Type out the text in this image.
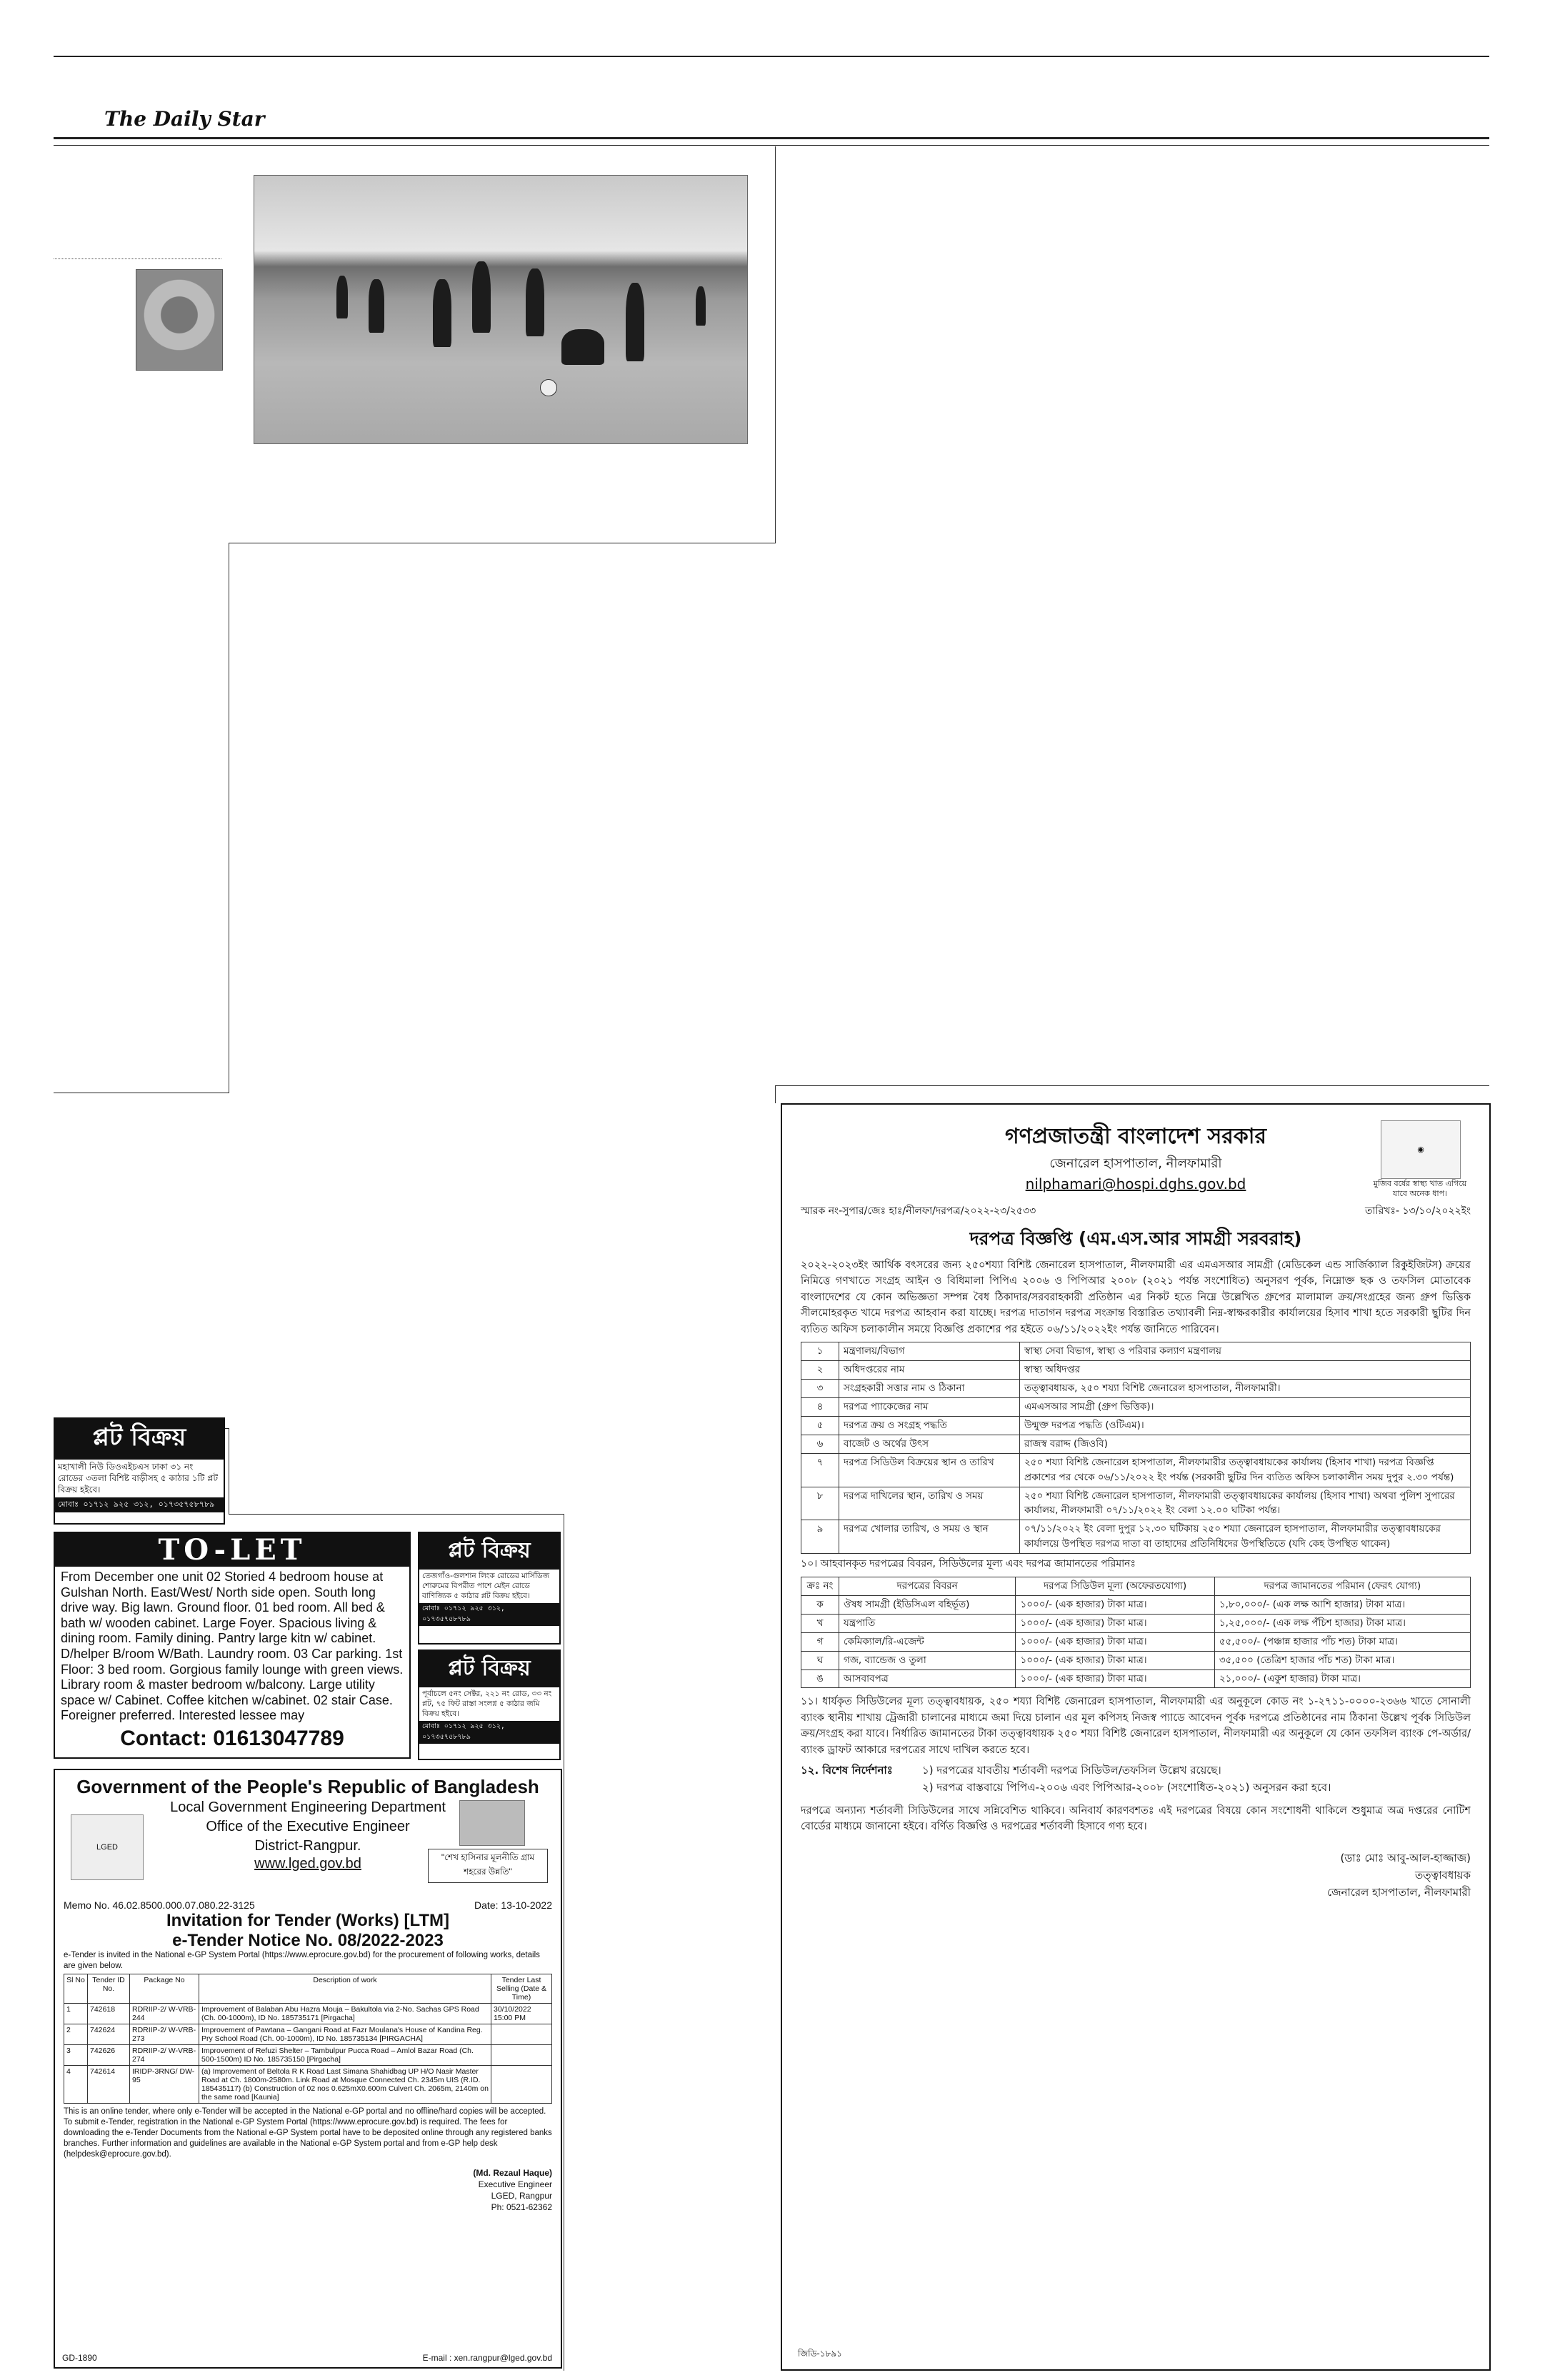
The Daily Star
◉
মুজিব বর্ষের স্বাস্থ্য খাত এগিয়ে যাবে অনেক ধাপ।
গণপ্রজাতন্ত্রী বাংলাদেশ সরকার
জেনারেল হাসপাতাল, নীলফামারী
nilphamari@hospi.dghs.gov.bd
স্মারক নং-সুপার/জেঃ হাঃ/নীলফা/দরপত্র/২০২২-২৩/২৫৩৩	তারিখঃ- ১৩/১০/২০২২ইং
দরপত্র বিজ্ঞপ্তি (এম.এস.আর সামগ্রী সরবরাহ)
২০২২-২০২৩ইং আর্থিক বৎসরের জন্য ২৫০শয্যা বিশিষ্ট জেনারেল হাসপাতাল, নীলফামারী এর এমএসআর সামগ্রী (মেডিকেল এন্ড সার্জিক্যাল রিকুইজিটস) ক্রয়ের নিমিত্তে গণখাতে সংগ্রহ আইন ও বিধিমালা পিপিএ ২০০৬ ও পিপিআর ২০০৮ (২০২১ পর্যন্ত সংশোধিত) অনুসরণ পূর্বক, নিম্নোক্ত ছক ও তফসিল মোতাবেক বাংলাদেশের যে কোন অভিজ্ঞতা সম্পন্ন বৈধ ঠিকাদার/সরবরাহকারী প্রতিষ্ঠান এর নিকট হতে নিম্নে উল্লেখিত গ্রুপের মালামাল ক্রয়/সংগ্রহের জন্য গ্রুপ ভিত্তিক সীলমোহরকৃত খামে দরপত্র আহবান করা যাচ্ছে। দরপত্র দাতাগন দরপত্র সংক্রান্ত বিস্তারিত তথ্যাবলী নিম্ন-স্বাক্ষরকারীর কার্যালয়ের হিসাব শাখা হতে সরকারী ছুটির দিন ব্যতিত অফিস চলাকালীন সময়ে বিজ্ঞপ্তি প্রকাশের পর হইতে ০৬/১১/২০২২ইং পর্যন্ত জানিতে পারিবেন।
১	মন্ত্রণালয়/বিভাগ	স্বাস্থ্য সেবা বিভাগ, স্বাস্থ্য ও পরিবার কল্যাণ মন্ত্রণালয়
২	অধিদপ্তরের নাম	স্বাস্থ্য অধিদপ্তর
৩	সংগ্রহকারী সত্তার নাম ও ঠিকানা	তত্ত্বাবধায়ক, ২৫০ শয্যা বিশিষ্ট জেনারেল হাসপাতাল, নীলফামারী।
৪	দরপত্র প্যাকেজের নাম	এমএসআর সামগ্রী (গ্রুপ ভিত্তিক)।
৫	দরপত্র ক্রয় ও সংগ্রহ পদ্ধতি	উন্মুক্ত দরপত্র পদ্ধতি (ওটিএম)।
৬	বাজেট ও অর্থের উৎস	রাজস্ব বরাদ্দ (জিওবি)
৭	দরপত্র সিডিউল বিক্রয়ের স্থান ও তারিখ	২৫০ শয্যা বিশিষ্ট জেনারেল হাসপাতাল, নীলফামারীর তত্ত্বাবধায়কের কার্যালয় (হিসাব শাখা) দরপত্র বিজ্ঞপ্তি প্রকাশের পর থেকে ০৬/১১/২০২২ ইং পর্যন্ত (সরকারী ছুটির দিন ব্যতিত অফিস চলাকালীন সময় দুপুর ২.৩০ পর্যন্ত)
৮	দরপত্র দাখিলের স্থান, তারিখ ও সময়	২৫০ শয্যা বিশিষ্ট জেনারেল হাসপাতাল, নীলফামারী তত্ত্বাবধায়কের কার্যালয় (হিসাব শাখা) অথবা পুলিশ সুপারের কার্যালয়, নীলফামারী ০৭/১১/২০২২ ইং বেলা ১২.০০ ঘটিকা পর্যন্ত।
৯	দরপত্র খোলার তারিখ, ও সময় ও স্থান	০৭/১১/২০২২ ইং বেলা দুপুর ১২.৩০ ঘটিকায় ২৫০ শয্যা জেনারেল হাসপাতাল, নীলফামারীর তত্ত্বাবধায়কের কার্যালয়ে উপস্থিত দরপত্র দাতা বা তাহাদের প্রতিনিধিদের উপস্থিতিতে (যদি কেহ উপস্থিত থাকেন)
১০। আহবানকৃত দরপত্রের বিবরন, সিডিউলের মূল্য এবং দরপত্র জামানতের পরিমানঃ
ক্রঃ নং	দরপত্রের বিবরন	দরপত্র সিডিউল মূল্য (অফেরতযোগ্য)	দরপত্র জামানতের পরিমান (ফেরৎ যোগ্য)
ক	ঔষধ সামগ্রী (ইডিসিএল বহির্ভূত)	১০০০/- (এক হাজার) টাকা মাত্র।	১,৮০,০০০/- (এক লক্ষ আশি হাজার) টাকা মাত্র।
খ	যন্ত্রপাতি	১০০০/- (এক হাজার) টাকা মাত্র।	১,২৫,০০০/- (এক লক্ষ পঁচিশ হাজার) টাকা মাত্র।
গ	কেমিক্যাল/রি-এজেন্ট	১০০০/- (এক হাজার) টাকা মাত্র।	৫৫,৫০০/- (পঞ্চান্ন হাজার পাঁচ শত) টাকা মাত্র।
ঘ	গজ, ব্যান্ডেজ ও তুলা	১০০০/- (এক হাজার) টাকা মাত্র।	৩৫,৫০০ (তেত্রিশ হাজার পাঁচ শত) টাকা মাত্র।
ঙ	আসবাবপত্র	১০০০/- (এক হাজার) টাকা মাত্র।	২১,০০০/- (একুশ হাজার) টাকা মাত্র।
১১। ধার্যকৃত সিডিউলের মূল্য তত্ত্বাবধায়ক, ২৫০ শয্যা বিশিষ্ট জেনারেল হাসপাতাল, নীলফামারী এর অনুকূলে কোড নং ১-২৭১১-০০০০-২৩৬৬ খাতে সোনালী ব্যাংক স্থানীয় শাখায় ট্রেজারী চালানের মাধ্যমে জমা দিয়ে চালান এর মূল কপিসহ নিজস্ব প্যাডে আবেদন পূর্বক দরপত্রে প্রতিষ্ঠানের নাম ঠিকানা উল্লেখ পূর্বক সিডিউল ক্রয়/সংগ্রহ করা যাবে। নির্ধারিত জামানতের টাকা তত্ত্বাবধায়ক ২৫০ শয্যা বিশিষ্ট জেনারেল হাসপাতাল, নীলফামারী এর অনুকূলে যে কোন তফসিল ব্যাংক পে-অর্ডার/ব্যাংক ড্রাফট আকারে দরপত্রের সাথে দাখিল করতে হবে।
১২. বিশেষ নির্দেশনাঃ	১) দরপত্রের যাবতীয় শর্তাবলী দরপত্র সিডিউল/তফসিল উল্লেখ রয়েছে।
২) দরপত্র বাস্তবায়ে পিপিএ-২০০৬ এবং পিপিআর-২০০৮ (সংশোধিত-২০২১) অনুসরন করা হবে।
দরপত্রে অন্যান্য শর্তাবলী সিডিউলের সাথে সন্নিবেশিত থাকিবে। অনিবার্য কারণবশতঃ এই দরপত্রের বিষয়ে কোন সংশোধনী থাকিলে শুধুমাত্র অত্র দপ্তরের নোটিশ বোর্ডের মাধ্যমে জানানো হইবে। বর্ণিত বিজ্ঞপ্তি ও দরপত্রের শর্তাবলী হিসাবে গণ্য হবে।
(ডাঃ মোঃ আবু-আল-হাজ্জাজ)
তত্ত্বাবধায়ক
জেনারেল হাসপাতাল, নীলফামারী
জিডি-১৮৯১
প্লট বিক্রয়
মহাখালী নিউ ডিওএইচএস ঢাকা ৩১ নং রোডের ৩তলা বিশিষ্ট বাড়ীসহ ৫ কাঠার ১টি প্লট বিক্রয় হইবে।
মোবাঃ ০১৭১২ ৯২৫ ৩১২, ০১৭৩৫৭৫৮৭৮৯
TO-LET
From December one unit 02 Storied 4 bedroom house at Gulshan North. East/West/ North side open. South long drive way. Big lawn. Ground floor. 01 bed room. All bed & bath w/ wooden cabinet. Large Foyer. Spacious living & dining room. Family dining. Pantry large kitn w/ cabinet. D/helper B/room W/Bath. Laundry room. 03 Car parking. 1st Floor: 3 bed room. Gorgious family lounge with green views. Library room & master bedroom w/balcony. Large utility space w/ Cabinet. Coffee kitchen w/cabinet. 02 stair Case. Foreigner preferred. Interested lessee may
Contact: 01613047789
প্লট বিক্রয়
তেজগাঁও-গুলশান লিংক রোডের মার্সিডিজ শোরুমের বিপরীত পাশে মেইন রোডে বাণিজ্যিক ৫ কাঠার প্লট বিক্রয় হইবে।
মোবাঃ ০১৭১২ ৯২৫ ৩১২, ০১৭৩৫৭৫৮৭৮৯
প্লট বিক্রয়
পূর্বাচলে ৫নং সেক্টর, ২২১ নং রোড, ৩৩ নং প্লট, ৭৫ ফিট রাস্তা সংলগ্ন ৫ কাঠার জমি বিক্রয় হইবে।
মোবাঃ ০১৭১২ ৯২৫ ৩১২, ০১৭৩৫৭৫৮৭৮৯
Government of the People's Republic of Bangladesh
LGED
"শেখ হাসিনার মূলনীতি গ্রাম শহরের উন্নতি"
Local Government Engineering Department
Office of the Executive Engineer
District-Rangpur.
www.lged.gov.bd
Memo No. 46.02.8500.000.07.080.22-3125	Date: 13-10-2022
Invitation for Tender (Works) [LTM]
e-Tender Notice No. 08/2022-2023
e-Tender is invited in the National e-GP System Portal (https://www.eprocure.gov.bd) for the procurement of following works, details are given below.
Sl No	Tender ID No.	Package No	Description of work	Tender Last Selling (Date & Time)
1	742618	RDRIIP-2/ W-VRB-244	Improvement of Balaban Abu Hazra Mouja – Bakultola via 2-No. Sachas GPS Road (Ch. 00-1000m), ID No. 185735171 [Pirgacha]	30/10/2022 15:00 PM
2	742624	RDRIIP-2/ W-VRB-273	Improvement of Pawtana – Gangani Road at Fazr Moulana's House of Kandina Reg. Pry School Road (Ch. 00-1000m), ID No. 185735134 [PIRGACHA]	
3	742626	RDRIIP-2/ W-VRB-274	Improvement of Refuzi Shelter – Tambulpur Pucca Road – Amlol Bazar Road (Ch. 500-1500m) ID No. 185735150 [Pirgacha]	
4	742614	IRIDP-3RNG/ DW-95	(a) Improvement of Beltola R K Road Last Simana Shahidbag UP H/O Nasir Master Road at Ch. 1800m-2580m. Link Road at Mosque Connected Ch. 2345m UIS (R.ID. 185435117) (b) Construction of 02 nos 0.625mX0.600m Culvert Ch. 2065m, 2140m on the same road [Kaunia]	
This is an online tender, where only e-Tender will be accepted in the National e-GP portal and no offline/hard copies will be accepted. To submit e-Tender, registration in the National e-GP System Portal (https://www.eprocure.gov.bd) is required. The fees for downloading the e-Tender Documents from the National e-GP System portal have to be deposited online through any registered banks branches. Further information and guidelines are available in the National e-GP System portal and from e-GP help desk (helpdesk@eprocure.gov.bd).
(Md. Rezaul Haque)
Executive Engineer
LGED, Rangpur
Ph: 0521-62362
GD-1890	E-mail : xen.rangpur@lged.gov.bd
